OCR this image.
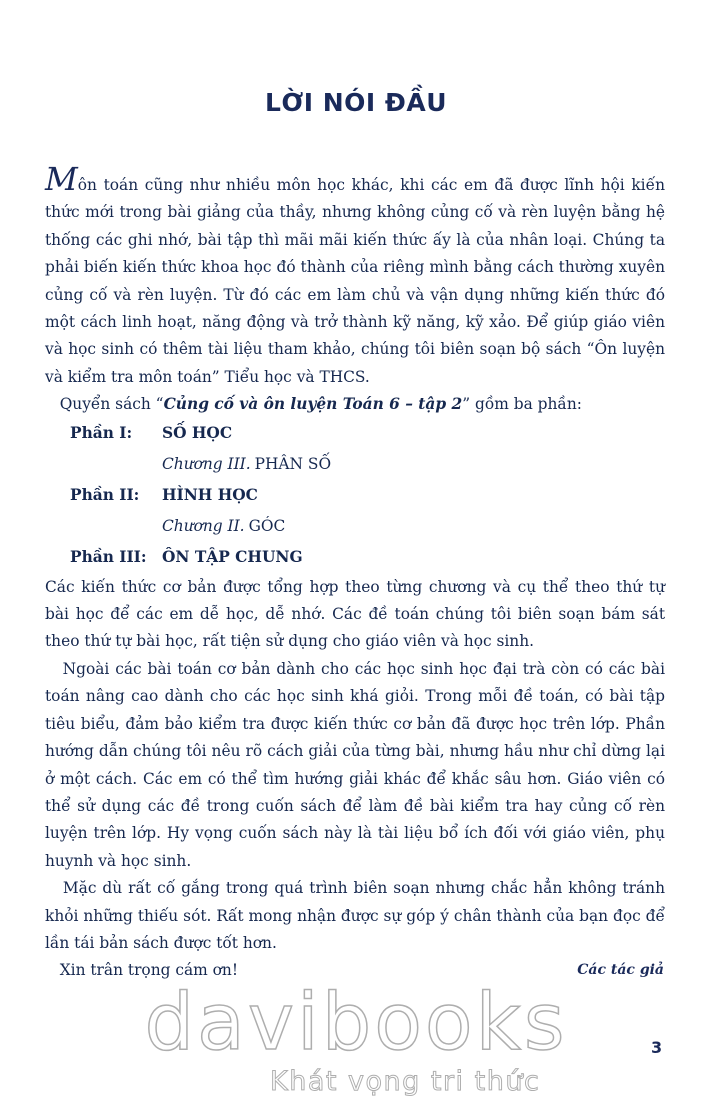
LỜI NÓI ĐẦU

Môn toán cũng như nhiều môn học khác, khi các em đã được lĩnh hội kiến thức mới trong bài giảng của thầy, nhưng không củng cố và rèn luyện bằng hệ thống các ghi nhớ, bài tập thì mãi mãi kiến thức ấy là của nhân loại. Chúng ta phải biến kiến thức khoa học đó thành của riêng mình bằng cách thường xuyên củng cố và rèn luyện. Từ đó các em làm chủ và vận dụng những kiến thức đó một cách linh hoạt, năng động và trở thành kỹ năng, kỹ xảo. Để giúp giáo viên và học sinh có thêm tài liệu tham khảo, chúng tôi biên soạn bộ sách “Ôn luyện và kiểm tra môn toán” Tiểu học và THCS.

Quyển sách “Củng cố và ôn luyện Toán 6 – tập 2” gồm ba phần:

Phần I:	SỐ HỌC
Chương III. PHÂN SỐ
Phần II:	HÌNH HỌC
Chương II. GÓC
Phần III:	ÔN TẬP CHUNG

Các kiến thức cơ bản được tổng hợp theo từng chương và cụ thể theo thứ tự bài học để các em dễ học, dễ nhớ. Các đề toán chúng tôi biên soạn bám sát theo thứ tự bài học, rất tiện sử dụng cho giáo viên và học sinh.

Ngoài các bài toán cơ bản dành cho các học sinh học đại trà còn có các bài toán nâng cao dành cho các học sinh khá giỏi. Trong mỗi đề toán, có bài tập tiêu biểu, đảm bảo kiểm tra được kiến thức cơ bản đã được học trên lớp. Phần hướng dẫn chúng tôi nêu rõ cách giải của từng bài, nhưng hầu như chỉ dừng lại ở một cách. Các em có thể tìm hướng giải khác để khắc sâu hơn. Giáo viên có thể sử dụng các đề trong cuốn sách để làm đề bài kiểm tra hay củng cố rèn luyện trên lớp. Hy vọng cuốn sách này là tài liệu bổ ích đối với giáo viên, phụ huynh và học sinh.

Mặc dù rất cố gắng trong quá trình biên soạn nhưng chắc hẳn không tránh khỏi những thiếu sót. Rất mong nhận được sự góp ý chân thành của bạn đọc để lần tái bản sách được tốt hơn.

Xin trân trọng cám ơn!	Các tác giả
3
davibooks
Khát vọng tri thức
